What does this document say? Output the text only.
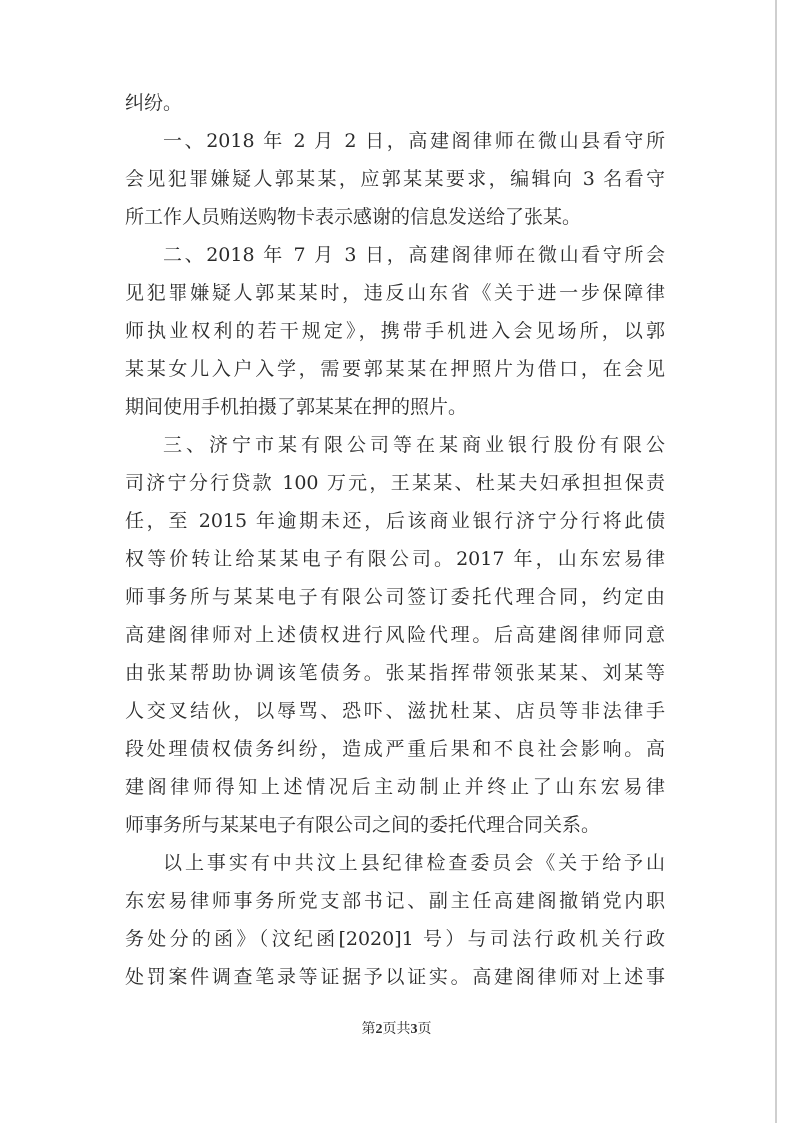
纠纷。
一、2018 年 2 月 2 日，高建阁律师在微山县看守所
会见犯罪嫌疑人郭某某，应郭某某要求，编辑向 3 名看守
所工作人员贿送购物卡表示感谢的信息发送给了张某。
二、2018 年 7 月 3 日，高建阁律师在微山看守所会
见犯罪嫌疑人郭某某时，违反山东省《关于进一步保障律
师执业权利的若干规定》，携带手机进入会见场所，以郭
某某女儿入户入学，需要郭某某在押照片为借口，在会见
期间使用手机拍摄了郭某某在押的照片。
三、济宁市某有限公司等在某商业银行股份有限公
司济宁分行贷款 100 万元，王某某、杜某夫妇承担担保责
任，至 2015 年逾期未还，后该商业银行济宁分行将此债
权等价转让给某某电子有限公司。2017 年，山东宏易律
师事务所与某某电子有限公司签订委托代理合同，约定由
高建阁律师对上述债权进行风险代理。后高建阁律师同意
由张某帮助协调该笔债务。张某指挥带领张某某、刘某等
人交叉结伙，以辱骂、恐吓、滋扰杜某、店员等非法律手
段处理债权债务纠纷，造成严重后果和不良社会影响。高
建阁律师得知上述情况后主动制止并终止了山东宏易律
师事务所与某某电子有限公司之间的委托代理合同关系。
以上事实有中共汶上县纪律检查委员会《关于给予山
东宏易律师事务所党支部书记、副主任高建阁撤销党内职
务处分的函》（汶纪函[2020]1 号）与司法行政机关行政
处罚案件调查笔录等证据予以证实。高建阁律师对上述事
第2页共3页
